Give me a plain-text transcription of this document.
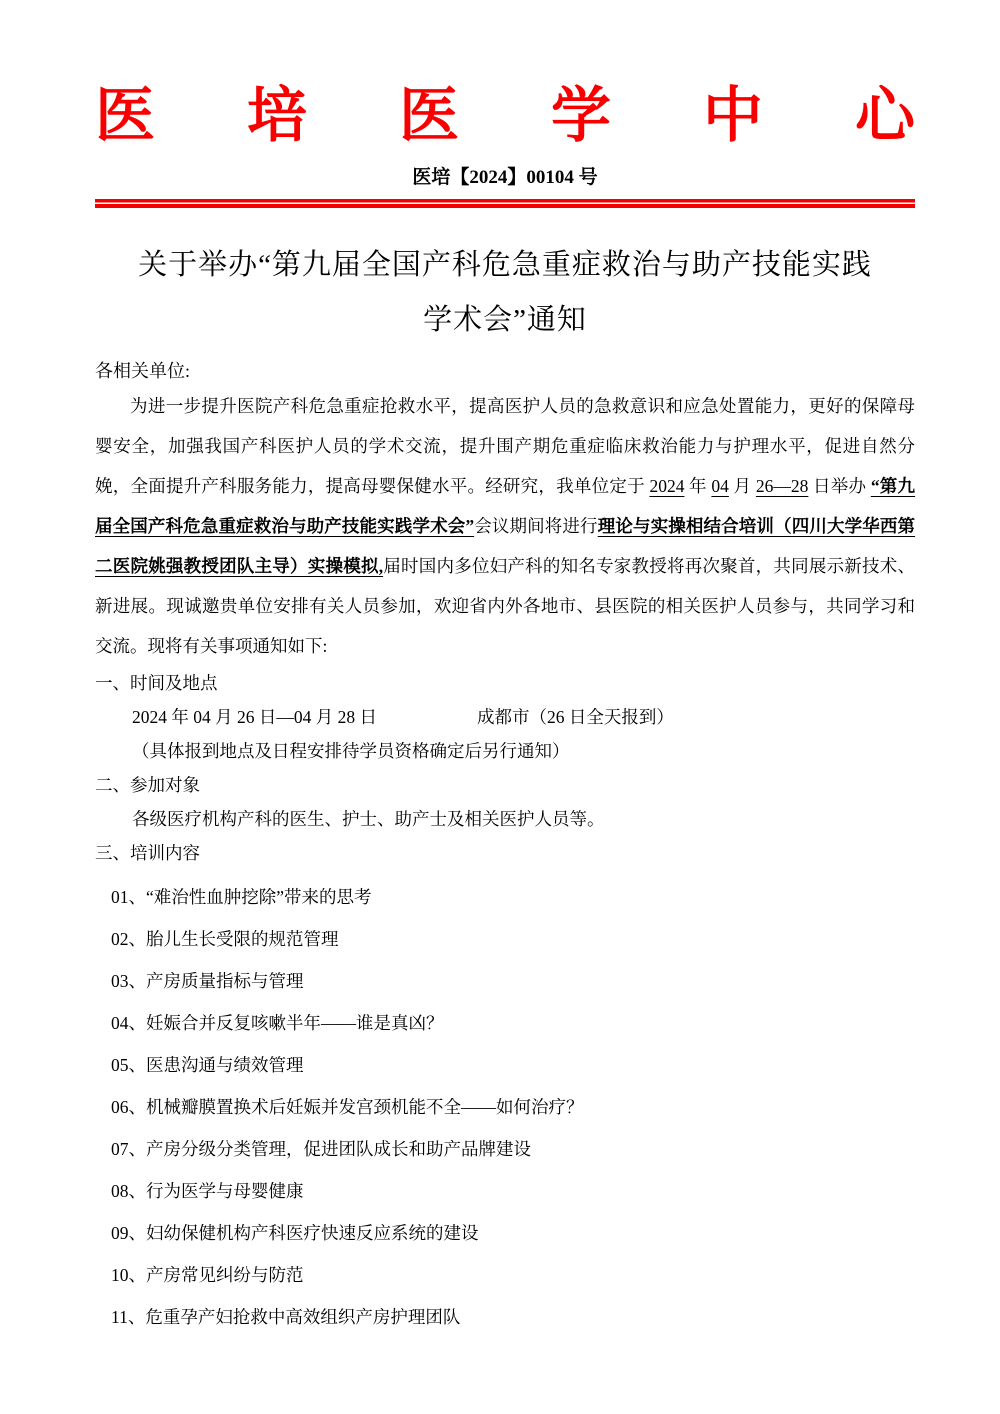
医 培 医 学 中 心
医培【2024】00104 号
关于举办“第九届全国产科危急重症救治与助产技能实践
学术会”通知

各相关单位:

为进一步提升医院产科危急重症抢救水平，提高医护人员的急救意识和应急处置能力，更好的保障母婴安全，加强我国产科医护人员的学术交流，提升围产期危重症临床救治能力与护理水平，促进自然分娩，全面提升产科服务能力，提高母婴保健水平。经研究，我单位定于 2024 年 04 月 26—28 日举办 “第九届全国产科危急重症救治与助产技能实践学术会”会议期间将进行理论与实操相结合培训（四川大学华西第二医院姚强教授团队主导）实操模拟,届时国内多位妇产科的知名专家教授将再次聚首，共同展示新技术、新进展。现诚邀贵单位安排有关人员参加，欢迎省内外各地市、县医院的相关医护人员参与，共同学习和交流。现将有关事项通知如下:

一、时间及地点

2024 年 04 月 26 日—04 月 28 日	成都市（26 日全天报到）

（具体报到地点及日程安排待学员资格确定后另行通知）

二、参加对象

各级医疗机构产科的医生、护士、助产士及相关医护人员等。

三、培训内容

01、“难治性血肿挖除”带来的思考
02、胎儿生长受限的规范管理
03、产房质量指标与管理
04、妊娠合并反复咳嗽半年——谁是真凶？
05、医患沟通与绩效管理
06、机械瓣膜置换术后妊娠并发宫颈机能不全——如何治疗？
07、产房分级分类管理，促进团队成长和助产品牌建设
08、行为医学与母婴健康
09、妇幼保健机构产科医疗快速反应系统的建设
10、产房常见纠纷与防范
11、危重孕产妇抢救中高效组织产房护理团队
